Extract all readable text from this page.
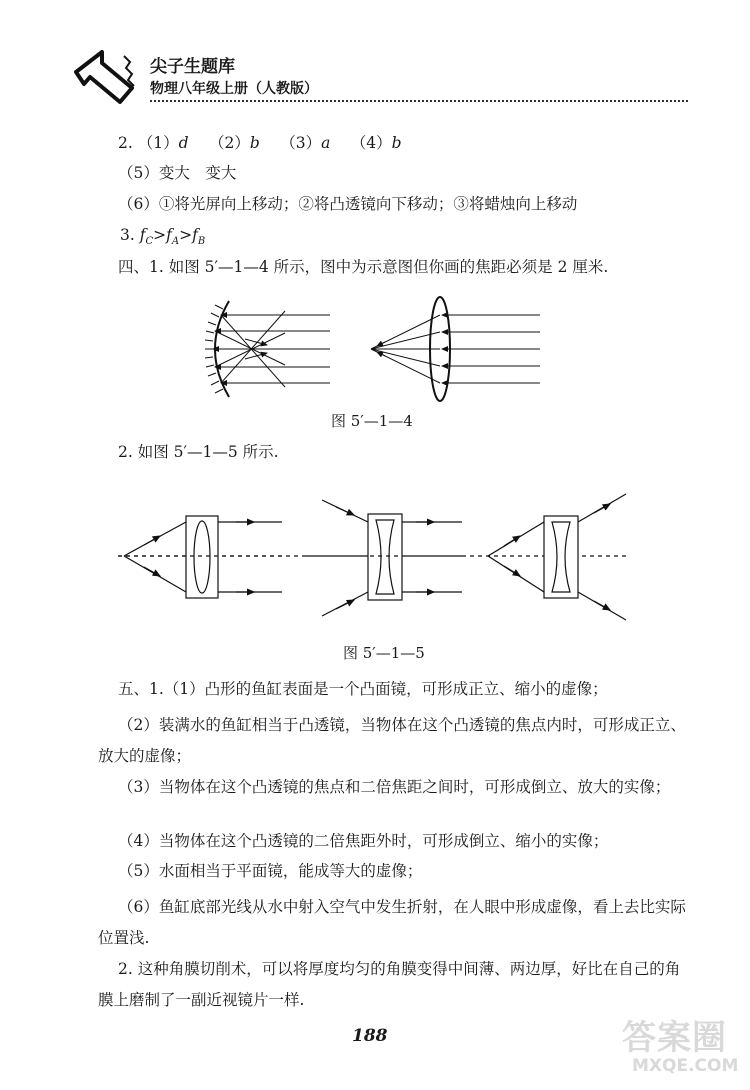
尖子生题库
物理八年级上册（人教版）
2. （1）d  （2）b  （3）a  （4）b
（5）变大　变大
（6）①将光屏向上移动；②将凸透镜向下移动；③将蜡烛向上移动
3. $f_C>f_A>f_B$
四、1. 如图 5′—1—4 所示，图中为示意图但你画的焦距必须是 2 厘米.
图 5′—1—4
2. 如图 5′—1—5 所示.
图 5′—1—5
五、1.（1）凸形的鱼缸表面是一个凸面镜，可形成正立、缩小的虚像；
（2）装满水的鱼缸相当于凸透镜，当物体在这个凸透镜的焦点内时，可形成正立、放大的虚像；
（3）当物体在这个凸透镜的焦点和二倍焦距之间时，可形成倒立、放大的实像；
（4）当物体在这个凸透镜的二倍焦距外时，可形成倒立、缩小的实像；
（5）水面相当于平面镜，能成等大的虚像；
（6）鱼缸底部光线从水中射入空气中发生折射，在人眼中形成虚像，看上去比实际位置浅.
2. 这种角膜切削术，可以将厚度均匀的角膜变得中间薄、两边厚，好比在自己的角膜上磨制了一副近视镜片一样.
188	答案圈
MXQE.COM
